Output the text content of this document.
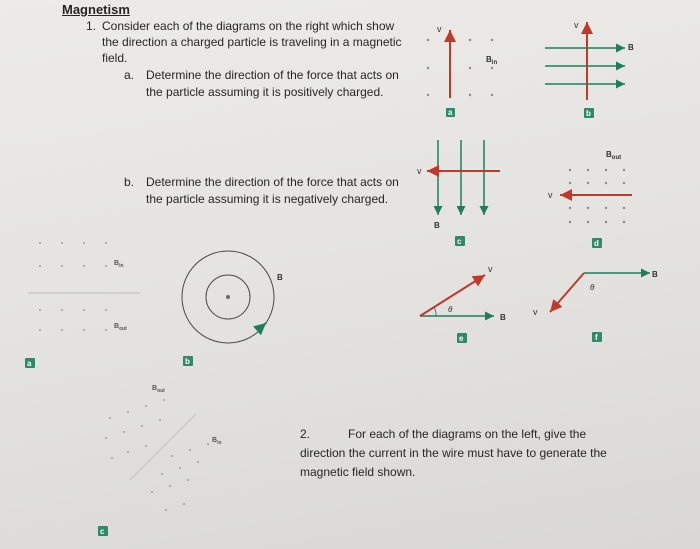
Magnetism
1. Consider each of the diagrams on the right which show the direction a charged particle is traveling in a magnetic field.
a. Determine the direction of the force that acts on the particle assuming it is positively charged.
b. Determine the direction of the force that acts on the particle assuming it is negatively charged.
2.	For each of the diagrams on the left, give the
direction the current in the wire must have to generate the magnetic field shown.
v
$B_{in}$
a
v
B
b
v
B
c
$B_{out}$
v
d
B
v
θ
e
B
v
θ
f
$B_{in}$
$B_{out}$
a
B
b
$B_{out}$
$B_{in}$
c
